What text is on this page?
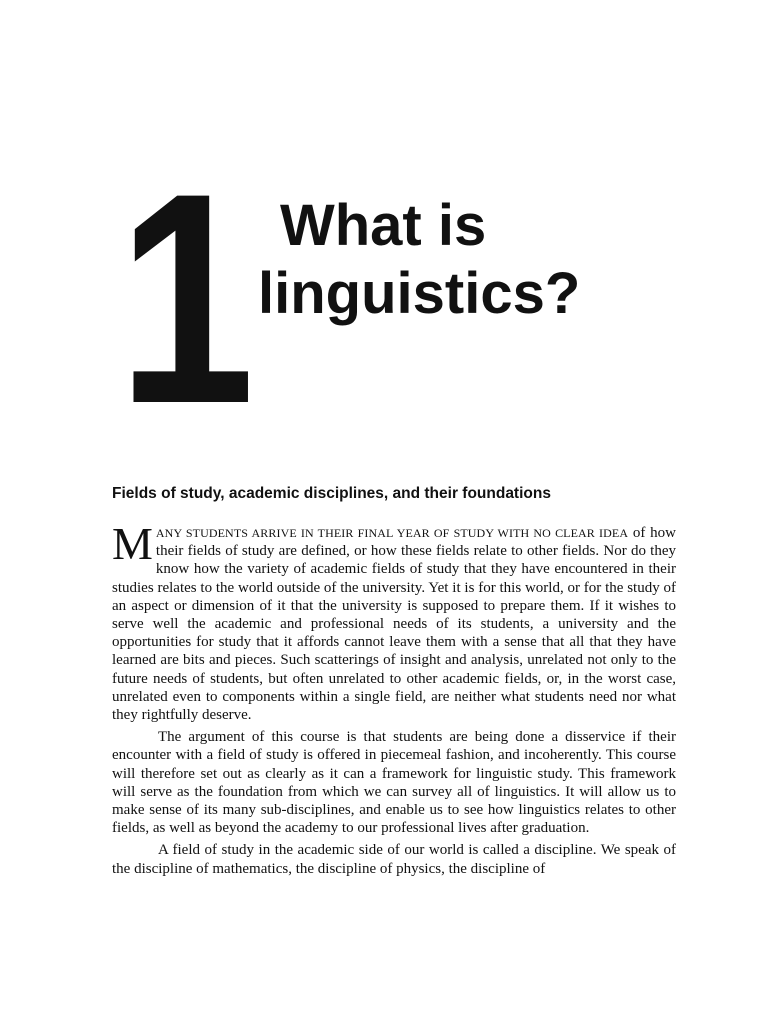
1 What is
linguistics?
Fields of study, academic disciplines, and their foundations

MANY STUDENTS ARRIVE IN THEIR FINAL YEAR OF STUDY WITH NO CLEAR IDEA of how their fields of study are defined, or how these fields relate to other fields. Nor do they know how the variety of academic fields of study that they have encountered in their studies relates to the world outside of the university. Yet it is for this world, or for the study of an aspect or dimension of it that the university is supposed to prepare them. If it wishes to serve well the academic and professional needs of its students, a university and the opportunities for study that it affords cannot leave them with a sense that all that they have learned are bits and pieces. Such scatterings of insight and analysis, unrelated not only to the future needs of students, but often unrelated to other academic fields, or, in the worst case, unrelated even to components within a single field, are neither what students need nor what they rightfully deserve.

The argument of this course is that students are being done a disservice if their encounter with a field of study is offered in piecemeal fashion, and incoherently. This course will therefore set out as clearly as it can a framework for linguistic study. This framework will serve as the foundation from which we can survey all of linguistics. It will allow us to make sense of its many sub-disciplines, and enable us to see how linguistics relates to other fields, as well as beyond the academy to our professional lives after graduation.

A field of study in the academic side of our world is called a discipline. We speak of the discipline of mathematics, the discipline of physics, the discipline of
